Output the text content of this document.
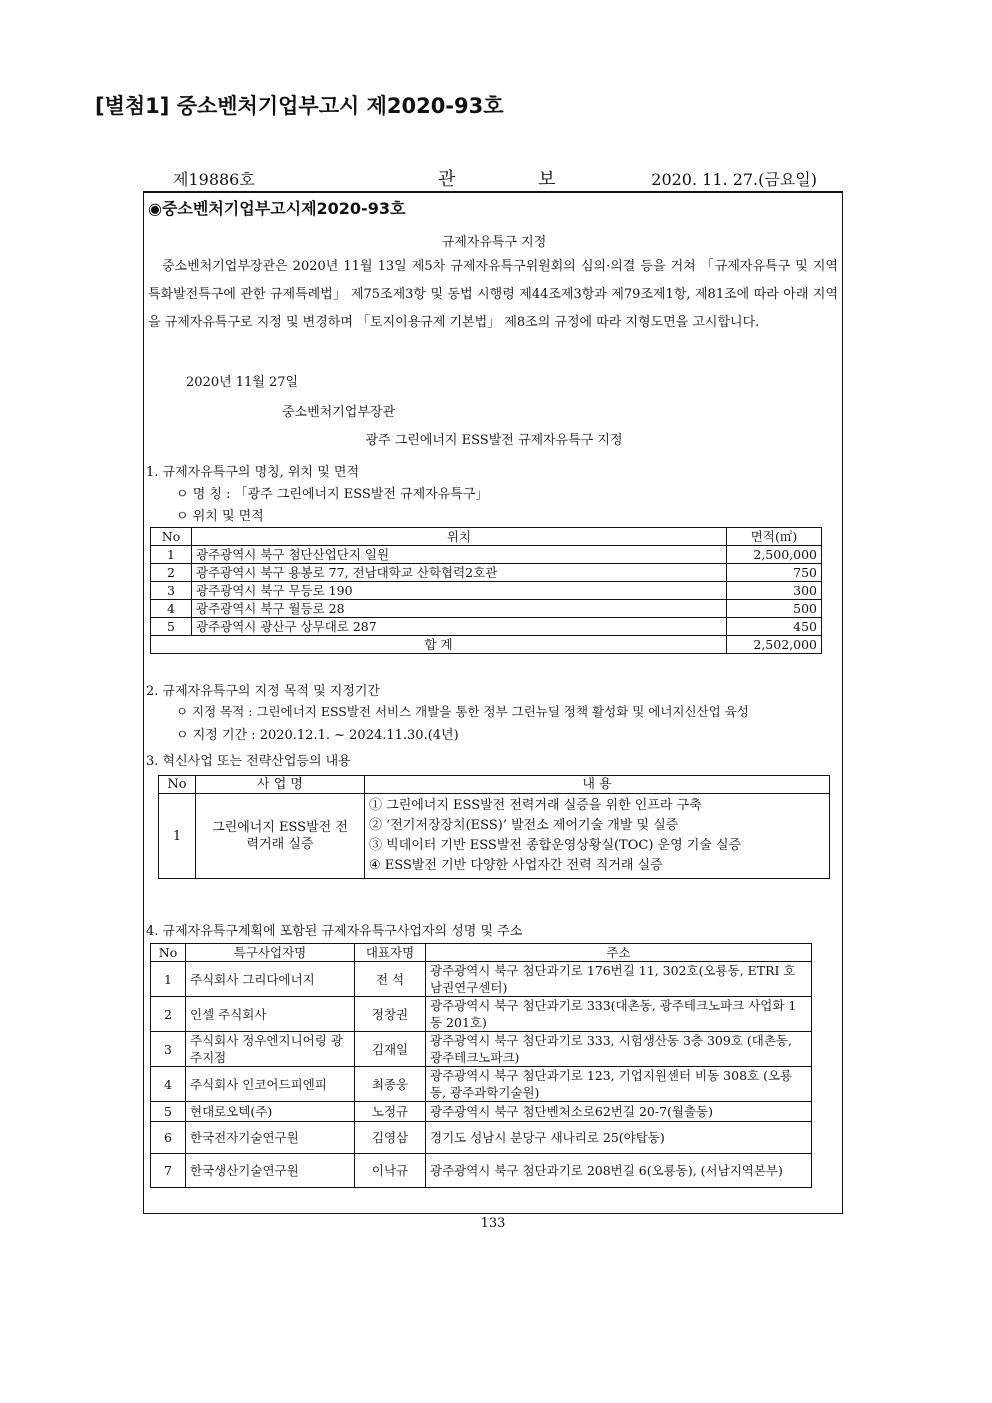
[별첨1] 중소벤처기업부고시 제2020-93호
제19886호	관	보	2020. 11. 27.(금요일)
◉중소벤처기업부고시제2020-93호
규제자유특구 지정
중소벤처기업부장관은 2020년 11월 13일 제5차 규제자유특구위원회의 심의·의결 등을 거쳐 「규제자유특구 및 지역특화발전특구에 관한 규제특례법」 제75조제3항 및 동법 시행령 제44조제3항과 제79조제1항, 제81조에 따라 아래 지역을 규제자유특구로 지정 및 변경하며 「토지이용규제 기본법」 제8조의 규정에 따라 지형도면을 고시합니다.
2020년 11월 27일
중소벤처기업부장관
광주 그린에너지 ESS발전 규제자유특구 지정
1. 규제자유특구의 명칭, 위치 및 면적
ㅇ 명 칭 : 「광주 그린에너지 ESS발전 규제자유특구」
ㅇ 위치 및 면적
No	위치	면적(㎡)
1	광주광역시 북구 첨단산업단지 일원	2,500,000
2	광주광역시 북구 용봉로 77, 전남대학교 산학협력2호관	750
3	광주광역시 북구 무등로 190	300
4	광주광역시 북구 월등로 28	500
5	광주광역시 광산구 상무대로 287	450
합 계		2,502,000
2. 규제자유특구의 지정 목적 및 지정기간
ㅇ 지정 목적 : 그린에너지 ESS발전 서비스 개발을 통한 정부 그린뉴딜 정책 활성화 및 에너지신산업 육성
ㅇ 지정 기간 : 2020.12.1. ~ 2024.11.30.(4년)
3. 혁신사업 또는 전략산업등의 내용
No	사 업 명	내 용
1	그린에너지 ESS발전 전력거래 실증	① 그린에너지 ESS발전 전력거래 실증을 위한 인프라 구축
② ‘전기저장장치(ESS)’ 발전소 제어기술 개발 및 실증
③ 빅데이터 기반 ESS발전 종합운영상황실(TOC) 운영 기술 실증
④ ESS발전 기반 다양한 사업자간 전력 직거래 실증
4. 규제자유특구계획에 포함된 규제자유특구사업자의 성명 및 주소
No	특구사업자명	대표자명	주소
1	주식회사 그리다에너지	전 석	광주광역시 북구 첨단과기로 176번길 11, 302호(오룡동, ETRI 호남권연구센터)
2	인셀 주식회사	정창권	광주광역시 북구 첨단과기로 333(대촌동, 광주테크노파크 사업화 1동 201호)
3	주식회사 정우엔지니어링 광주지점	김재일	광주광역시 북구 첨단과기로 333, 시험생산동 3층 309호 (대촌동, 광주테크노파크)
4	주식회사 인코어드피엔피	최종웅	광주광역시 북구 첨단과기로 123, 기업지원센터 비동 308호 (오룡동, 광주과학기술원)
5	현대로오텍(주)	노정규	광주광역시 북구 첨단벤처소로62번길 20-7(월출동)
6	한국전자기술연구원	김영삼	경기도 성남시 분당구 새나리로 25(야탑동)
7	한국생산기술연구원	이낙규	광주광역시 북구 첨단과기로 208번길 6(오룡동), (서남지역본부)
133
